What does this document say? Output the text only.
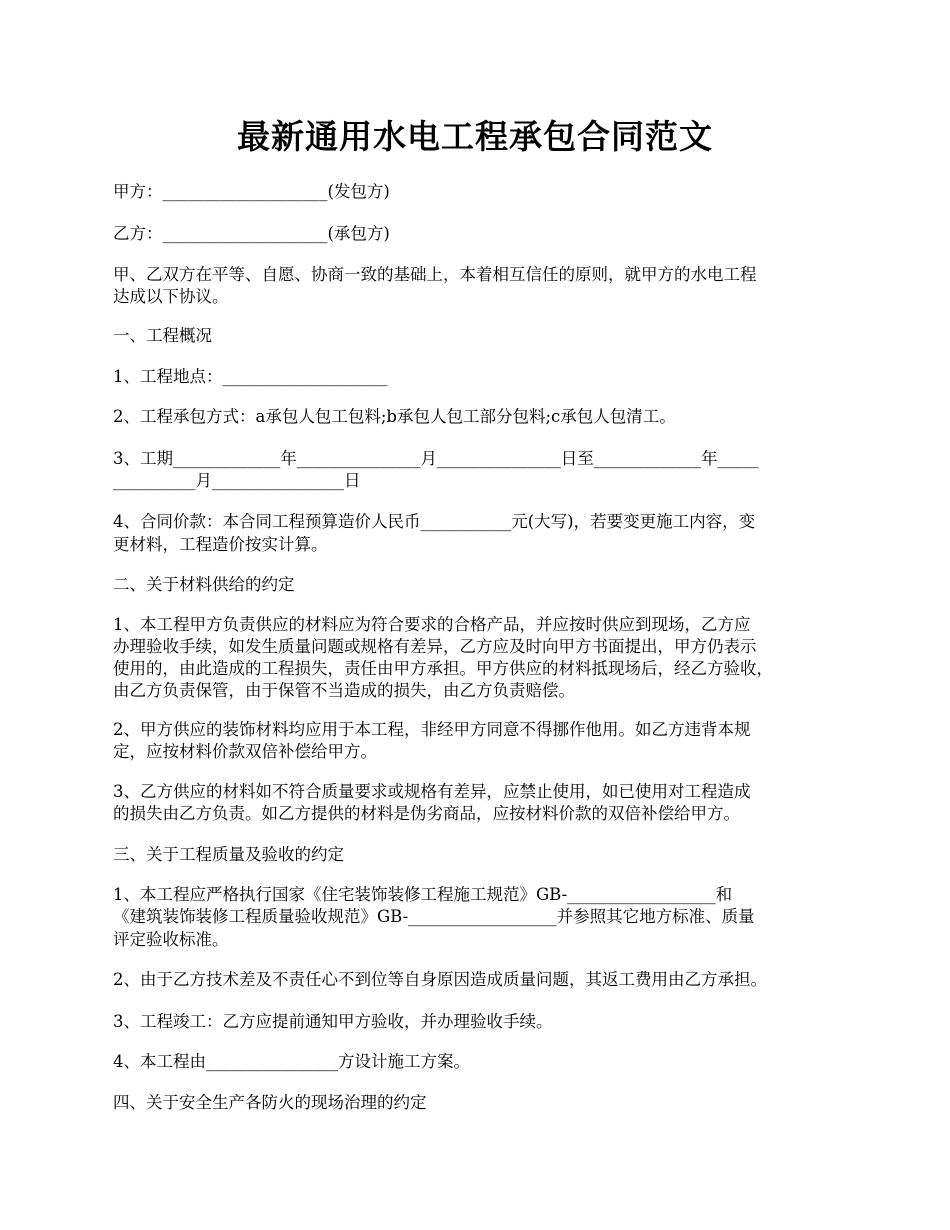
最新通用水电工程承包合同范文
甲方：____________________(发包方)
乙方：____________________(承包方)
甲、乙双方在平等、自愿、协商一致的基础上，本着相互信任的原则，就甲方的水电工程
达成以下协议。
一、工程概况
1、工程地点：____________________
2、工程承包方式：a承包人包工包料;b承包人包工部分包料;c承包人包清工。
3、工期_____________年_______________月_______________日至_____________年_____
__________月________________日
4、合同价款：本合同工程预算造价人民币___________元(大写)，若要变更施工内容，变
更材料，工程造价按实计算。
二、关于材料供给的约定
1、本工程甲方负责供应的材料应为符合要求的合格产品，并应按时供应到现场，乙方应
办理验收手续，如发生质量问题或规格有差异，乙方应及时向甲方书面提出，甲方仍表示
使用的，由此造成的工程损失，责任由甲方承担。甲方供应的材料抵现场后，经乙方验收，
由乙方负责保管，由于保管不当造成的损失，由乙方负责赔偿。
2、甲方供应的装饰材料均应用于本工程，非经甲方同意不得挪作他用。如乙方违背本规
定，应按材料价款双倍补偿给甲方。
3、乙方供应的材料如不符合质量要求或规格有差异，应禁止使用，如已使用对工程造成
的损失由乙方负责。如乙方提供的材料是伪劣商品，应按材料价款的双倍补偿给甲方。
三、关于工程质量及验收的约定
1、本工程应严格执行国家《住宅装饰装修工程施工规范》GB-__________________和
《建筑装饰装修工程质量验收规范》GB-__________________并参照其它地方标准、质量
评定验收标准。
2、由于乙方技术差及不责任心不到位等自身原因造成质量问题，其返工费用由乙方承担。
3、工程竣工：乙方应提前通知甲方验收，并办理验收手续。
4、本工程由________________方设计施工方案。
四、关于安全生产各防火的现场治理的约定
